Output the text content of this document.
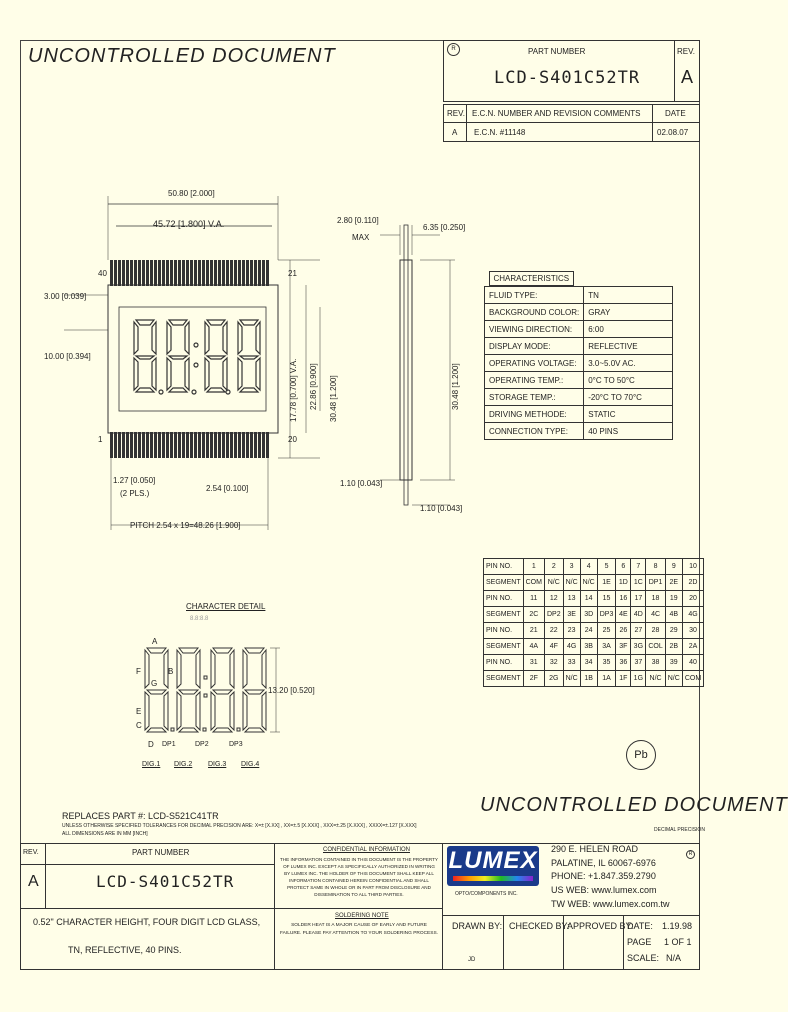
UNCONTROLLED DOCUMENT	R	PART NUMBER
LCD-S401C52TR
REV.
A
REV. E.C.N. NUMBER AND REVISION COMMENTS	DATE
A E.C.N. #11148	02.08.07
50.80 [2.000]
45.72 [1.800] V.A.
40	21
1	20
3.00 [0.039]
10.00 [0.394]
17.78 [0.700] V.A. 22.86 [0.900] 30.48 [1.200]
1.27 [0.050]
(2 PLS.)
2.54 [0.100]
PITCH 2.54 x 19=48.26 [1.900]
2.80 [0.110]
MAX
6.35 [0.250]
30.48 [1.200]
1.10 [0.043]
1.10 [0.043]
CHARACTERISTICS	
FLUID TYPE:	TN
BACKGROUND COLOR:	GRAY
VIEWING DIRECTION:	6:00
DISPLAY MODE:	REFLECTIVE
OPERATING VOLTAGE:	3.0~5.0V AC.
OPERATING TEMP.:	0°C TO 50°C
STORAGE TEMP.:	-20°C TO 70°C
DRIVING METHODE:	STATIC
CONNECTION TYPE:	40 PINS
PIN NO.	1	2	3	4	5	6	7	8	9	10
SEGMENT	COM	N/C	N/C	N/C	1E	1D	1C	DP1	2E	2D
PIN NO.	11	12	13	14	15	16	17	18	19	20
SEGMENT	2C	DP2	3E	3D	DP3	4E	4D	4C	4B	4G
PIN NO.	21	22	23	24	25	26	27	28	29	30
SEGMENT	4A	4F	4G	3B	3A	3F	3G	COL	2B	2A
PIN NO.	31	32	33	34	35	36	37	38	39	40
SEGMENT	2F	2G	N/C	1B	1A	1F	1G	N/C	N/C	COM
CHARACTER DETAIL
A
F
G
B
E
C
D DP1	DP2	DP3
DIG.1 DIG.2 DIG.3 DIG.4
13.20 [0.520]
8.8:8.8
Pb
UNCONTROLLED DOCUMENT
REPLACES PART #: LCD-S521C41TR
UNLESS OTHERWISE SPECIFIED TOLERANCES FOR DECIMAL PRECISION ARE: X=± [X.XX] , XX=±.5 [X.XXX] , XXX=±.25 [X.XXX] , XXXX=±.127 [X.XXX]
ALL DIMENSIONS ARE IN MM [INCH]
DECIMAL PRECISION
REV.
A
PART NUMBER
LCD-S401C52TR
0.52" CHARACTER HEIGHT, FOUR DIGIT LCD GLASS,
TN, REFLECTIVE, 40 PINS.
CONFIDENTIAL INFORMATION
THE INFORMATION CONTAINED IN THIS DOCUMENT IS THE PROPERTY OF LUMEX INC. EXCEPT AS SPECIFICALLY AUTHORIZED IN WRITING BY LUMEX INC. THE HOLDER OF THIS DOCUMENT SHALL KEEP ALL INFORMATION CONTAINED HEREIN CONFIDENTIAL AND SHALL PROTECT SAME IN WHOLE OR IN PART FROM DISCLOSURE AND DISSEMINATION TO ALL THIRD PARTIES.
SOLDERING NOTE
SOLDER HEAT IS A MAJOR CAUSE OF EARLY AND FUTURE FAILURE. PLEASE PAY ATTENTION TO YOUR SOLDERING PROCESS.
LUMEX
OPTO/COMPONENTS INC.
290 E. HELEN ROAD
PALATINE, IL 60067-6976
PHONE: +1.847.359.2790
US WEB: www.lumex.com
TW WEB: www.lumex.com.tw
R
DRAWN BY:
JD
CHECKED BY:
APPROVED BY:
DATE: 1.19.98
PAGE 1 OF 1
SCALE: N/A
